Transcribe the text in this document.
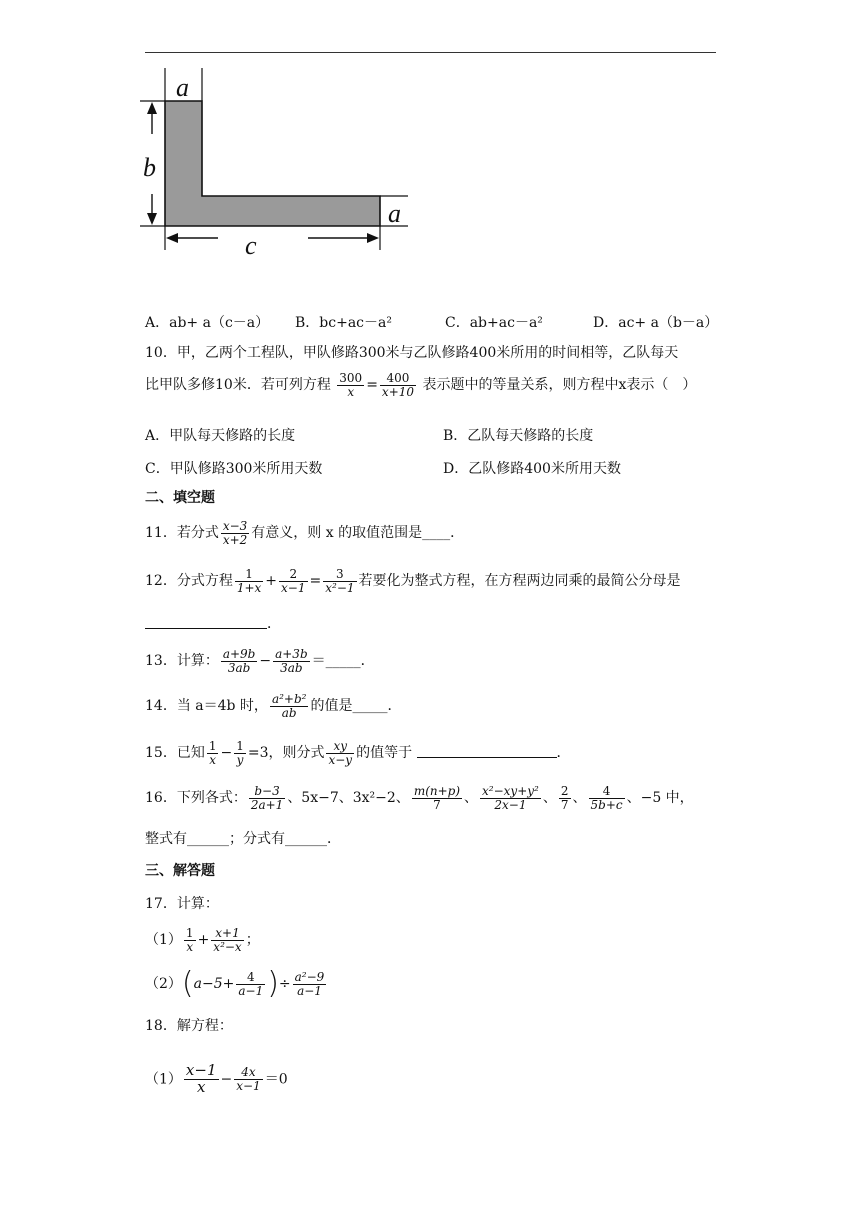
a
b
a
c
A．ab+ a（c－a） B．bc+ac－a²	C．ab+ac－a²	D．ac+ a（b－a）
10．甲，乙两个工程队，甲队修路300米与乙队修路400米所用的时间相等，乙队每天
比甲队多修10米．若可列方程 $\frac{300}{x} = \frac{400}{x+10}$ 表示题中的等量关系，则方程中x表示（　）
A．甲队每天修路的长度	B．乙队每天修路的长度
C．甲队修路300米所用天数	D．乙队修路400米所用天数
二、填空题
11．若分式 $\frac{x-3}{x+2}$ 有意义，则 x 的取值范围是____．
12．分式方程 $\frac{1}{1+x} + \frac{2}{x-1} = \frac{3}{\text{x²−1}}$ 若要化为整式方程，在方程两边同乘的最简公分母是
．
13．计算： $\frac{a+9b}{3ab} - \frac{a+3b}{3ab}$ ＝_____．
14．当 a＝4b 时， $\frac{\text{a²+b²}}{ab}$ 的值是_____．
15．已知 $\frac{1}{x} - \frac{1}{y} =3$，则分式 $\frac{xy}{x-y}$ 的值等于	．
16．下列各式： $\frac{b-3}{2a+1}$ 、5x−7、3x²−2、 $\frac{m(n+p)}{7}$ 、 $\frac{\text{x²−xy+y²}}{2x-1}$ 、 $\frac{2}{7}$ 、 $\frac{4}{5b+c}$ 、−5 中，
整式有______；分式有______．
三、解答题
17．计算：
$(1) \frac{1}{x} + \frac{x+1}{\text{x²−x}}$ ；
$(2)(a-5+ \frac{4}{a-1}$ )÷ $\frac{\text{a²−9}}{a-1}$
18．解方程：
$(1) \frac{x-1}{x} - \frac{4x}{x-1} =0$
